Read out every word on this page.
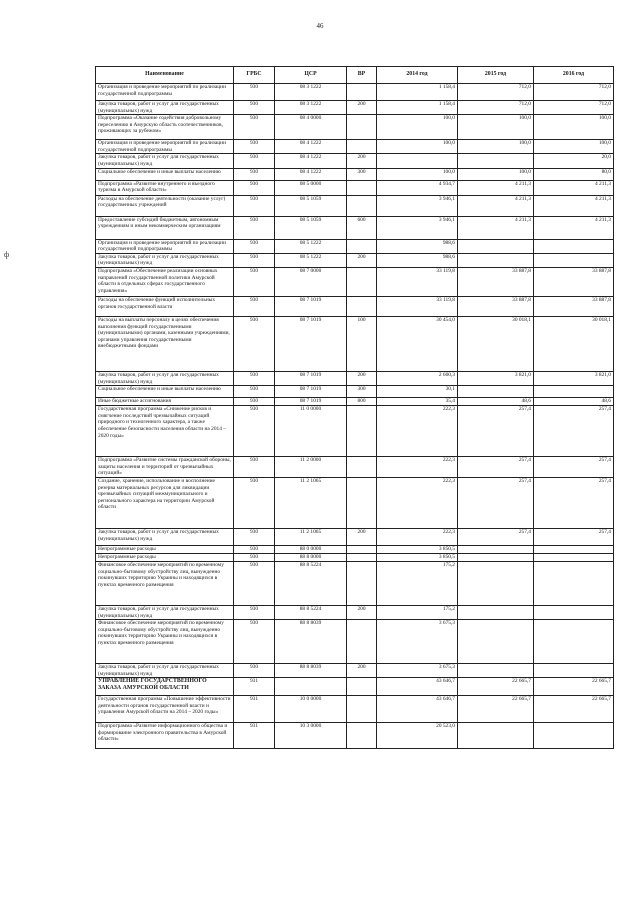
46
ф
Наименование	ГРБС	ЦСР	ВР	2014 год	2015 год	2016 год
Организация и проведение мероприятий по реализации государственной подпрограммы	930	08 3 1222		1 158,4	712,0	712,0
Закупка товаров, работ и услуг для государственных (муниципальных) нужд	930	08 3 1222	200	1 158,4	712,0	712,0
Подпрограмма «Оказание содействия добровольному переселению в Амурскую область соотечественников, проживающих за рубежом»	930	08 4 0000		100,0	100,0	100,0
Организация и проведение мероприятий по реализации государственной подпрограммы	930	08 4 1222		100,0	100,0	100,0
Закупка товаров, работ и услуг для государственных (муниципальных) нужд	930	08 4 1222	200			20,0
Социальное обеспечение и иные выплаты населению	930	08 4 1222	300	100,0	100,0	80,0
Подпрограмма «Развитие внутреннего и въездного туризма в Амурской области»	930	08 5 0000		4 934,7	4 211,3	4 211,3
Расходы на обеспечение деятельности (оказание услуг) государственных учреждений	930	08 5 1059		3 946,1	4 211,3	4 211,3
Предоставление субсидий бюджетным, автономным учреждениям и иным некоммерческим организациям	930	08 5 1059	600	3 946,1	4 211,3	4 211,3
Организация и проведение мероприятий по реализации государственной подпрограммы	930	08 5 1222		988,6		
Закупка товаров, работ и услуг для государственных (муниципальных) нужд	930	08 5 1222	200	988,6		
Подпрограмма «Обеспечение реализации основных направлений государственной политики Амурской области в отдельных сферах государственного управления»	930	08 7 0000		33 119,8	33 887,8	33 887,8
Расходы на обеспечение функций исполнительных органов государственной власти	930	08 7 1019		33 119,8	33 887,8	33 887,8
Расходы на выплаты персоналу в целях обеспечения выполнения функций государственными (муниципальными) органами, казенными учреждениями, органами управления государственными внебюджетными фондами	930	08 7 1019	100	30 454,0	30 018,1	30 018,1
Закупка товаров, работ и услуг для государственных (муниципальных) нужд	930	08 7 1019	200	2 600,3	3 821,0	3 821,0
Социальное обеспечение и иные выплаты населению	930	08 7 1019	300	30,1		
Иные бюджетные ассигнования	930	08 7 1019	800	35,4	48,6	48,6
Государственная программа «Снижение рисков и смягчение последствий чрезвычайных ситуаций природного и техногенного характера, а также обеспечение безопасности населения области на 2014 – 2020 годы»	930	11 0 0000		222,3	257,4	257,4
Подпрограмма «Развитие системы гражданской обороны, защиты населения и территорий от чрезвычайных ситуаций»	930	11 2 0000		222,3	257,4	257,4
Создание, хранение, использование и восполнение резерва материальных ресурсов для ликвидации чрезвычайных ситуаций межмуниципального и регионального характера на территории Амурской области	930	11 2 1065		222,3	257,4	257,4
Закупка товаров, работ и услуг для государственных (муниципальных) нужд	930	11 2 1065	200	222,3	257,4	257,4
Непрограммные расходы	930	88 0 0000		3 850,5		
Непрограммные расходы	930	88 8 0000		3 850,5		
Финансовое обеспечение мероприятий по временному социально-бытовому обустройству лиц, вынужденно покинувших территорию Украины и находящихся в пунктах временного размещения	930	88 8 5224		175,2		
Закупка товаров, работ и услуг для государственных (муниципальных) нужд	930	88 8 5224	200	175,2		
Финансовое обеспечение мероприятий по временному социально-бытовому обустройству лиц, вынужденно покинувших территорию Украины и находящихся в пунктах временного размещения	930	88 8 8039		3 675,3		
Закупка товаров, работ и услуг для государственных (муниципальных) нужд	930	88 8 8039	200	3 675,3		
УПРАВЛЕНИЕ ГОСУДАРСТВЕННОГО ЗАКАЗА АМУРСКОЙ ОБЛАСТИ	931			43 646,7	22 665,7	22 665,7
Государственная программа «Повышение эффективности деятельности органов государственной власти и управления Амурской области на 2014 – 2020 годы»	931	10 0 0000		43 646,7	22 665,7	22 665,7
Подпрограмма «Развитие информационного общества и формирование электронного правительства в Амурской области»	931	10 3 0000		20 523,0		
